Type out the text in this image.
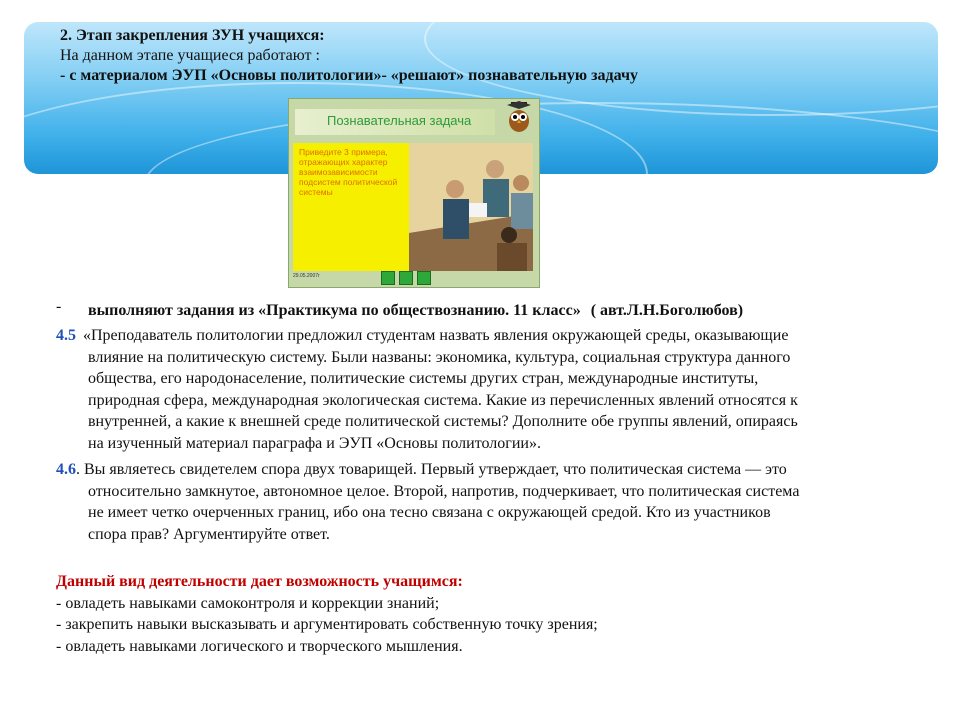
2. Этап закрепления ЗУН учащихся:
На данном этапе учащиеся работают :
- с материалом ЭУП «Основы политологии»- «решают» познавательную задачу
Познавательная задача
Приведите 3 примера, отражающих характер взаимозависимости подсистем политической системы
29.05.2007г
- выполняют задания из «Практикума по обществознанию. 11 класс» ( авт.Л.Н.Боголюбов)
4.5 «Преподаватель политологии предложил студентам назвать явления окружающей среды, оказывающие
влияние на политическую систему. Были названы: экономика, культура, социальная структура данного
общества, его народонаселение, политические системы других стран, международные институты,
природная сфера, международная экологическая система. Какие из перечисленных явлений относятся к
внутренней, а какие к внешней среде политической системы? Дополните обе группы явлений, опираясь
на изученный материал параграфа и ЭУП «Основы политологии».
4.6. Вы являетесь свидетелем спора двух товарищей. Первый утверждает, что политическая система — это
относительно замкнутое, автономное целое. Второй, напротив, подчеркивает, что политическая система
не имеет четко очерченных границ, ибо она тесно связана с окружающей средой. Кто из участников
спора прав? Аргументируйте ответ.
Данный вид деятельности дает возможность учащимся:
- овладеть навыками самоконтроля и коррекции знаний;
- закрепить навыки высказывать и аргументировать собственную точку зрения;
- овладеть навыками логического и творческого мышления.
